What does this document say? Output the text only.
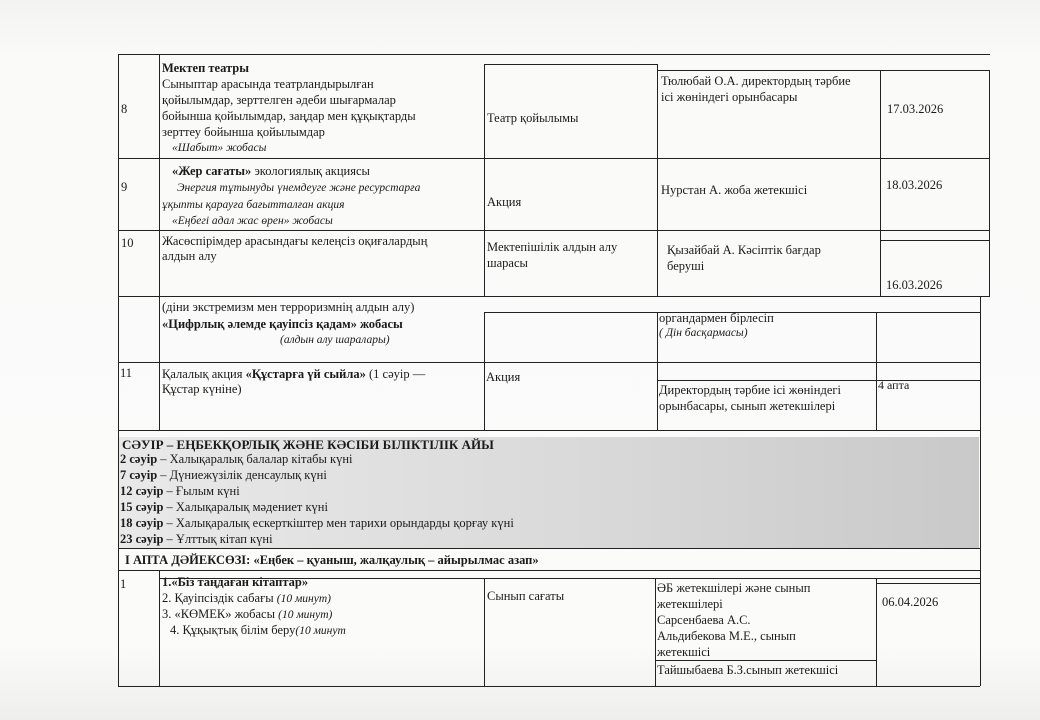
8
Мектеп театры
Сыныптар арасында театрландырылған
қойылымдар, зерттелген әдеби шығармалар
бойынша қойылымдар, заңдар мен құқықтарды
зерттеу бойынша қойылымдар
«Шабыт» жобасы
Театр қойылымы
Тюлюбай О.А. директордың тәрбие
ісі жөніндегі орынбасары
17.03.2026
9
«Жер сағаты» экологиялық акциясы
Энергия тұтынуды үнемдеуге және ресурстарға
ұқыпты қарауға бағытталған акция
«Еңбегі адал жас өрен» жобасы
Акция
Нурстан А. жоба жетекшісі	18.03.2026
10 Жасөспірімдер арасындағы келеңсіз оқиғалардың
алдын алу
Мектепішілік алдын алу
шарасы
Қызайбай А. Кәсіптік бағдар
беруші
16.03.2026
(діни экстремизм мен терроризмнің алдын алу)
«Цифрлық әлемде қауіпсіз қадам» жобасы
(алдын алу шаралары)
органдармен бірлесіп
( Дін басқармасы)
11 Қалалық акция «Құстарға үй сыйла» (1 сәуір —
Құстар күніне)
Акция
Директордың тәрбие ісі жөніндегі
орынбасары, сынып жетекшілері
4 апта
СӘУІР – ЕҢБЕКҚОРЛЫҚ ЖӘНЕ КӘСІБИ БІЛІКТІЛІК АЙЫ
2 сәуір – Халықаралық балалар кітабы күні
7 сәуір – Дүниежүзілік денсаулық күні
12 сәуір – Ғылым күні
15 сәуір – Халықаралық мәдениет күні
18 сәуір – Халықаралық ескерткіштер мен тарихи орындарды қорғау күні
23 сәуір – Ұлттық кітап күні
І АПТА ДӘЙЕКСӨЗІ: «Еңбек – қуаныш, жалқаулық – айырылмас азап»
1	1.«Біз таңдаған кітаптар»
2. Қауіпсіздік сабағы (10 минут)
3. «КӨМЕК» жобасы (10 минут)
4. Құқықтық білім беру(10 минут
Сынып сағаты
ӘБ жетекшілері және сынып
жетекшілері
Сарсенбаева А.С.
Альдибекова М.Е., сынып
жетекшісі
Тайшыбаева Б.З.сынып жетекшісі
06.04.2026
